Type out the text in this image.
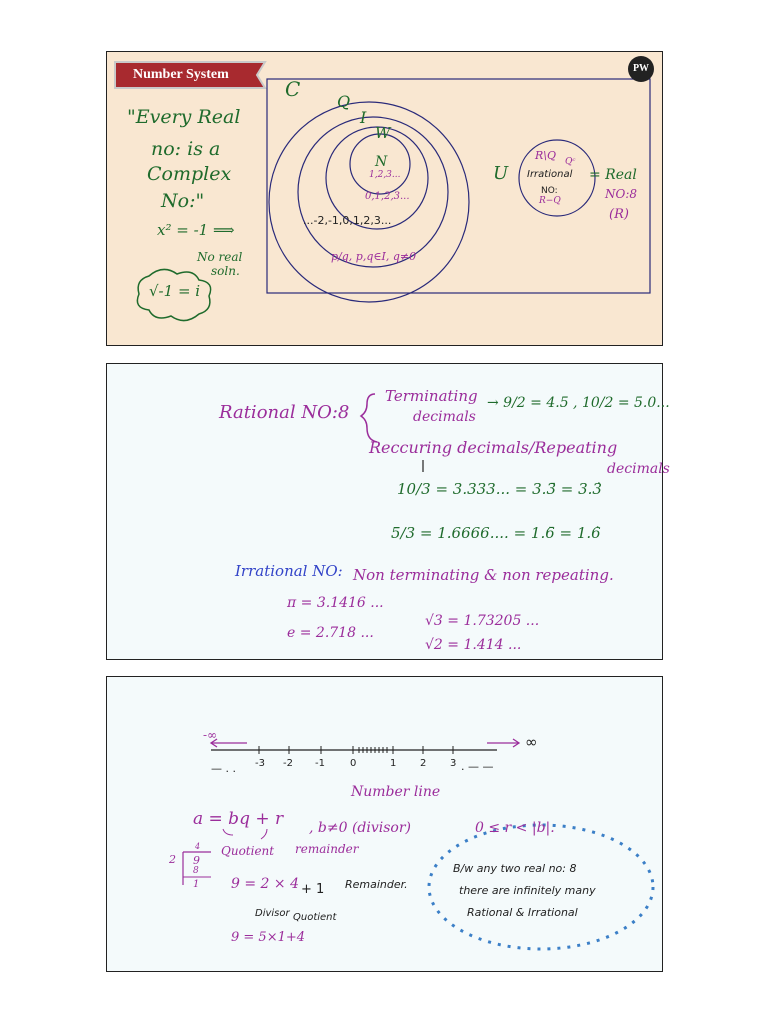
Number System	PW
"Every Real
no: is a
Complex
No:"
x² = -1 ⟹
No real
soln.
√-1 = i
C
Q
I
W
N
1,2,3...
0,1,2,3...
...-2,-1,0,1,2,3...
p/q, p,q∈I, q≠0
U
R\Q Qᶜ
Irrational
NO:
R−Q
= Real
NO:8
(R)
Rational NO:8
Terminating
decimals
→ 9/2 = 4.5 , 10/2 = 5.0...
Reccuring decimals/Repeating
decimals
10/3 = 3.333... = 3.3̄ = 3.3̇
5/3 = 1.6666.... = 1.6̄ = 1.6̇
Irrational NO: Non terminating & non repeating.
π = 3.1416 ...
e = 2.718 ...
√3 = 1.73205 ...
√2 = 1.414 ...
-∞	∞
— . . -3 -2 -1	0	1 2 3 . — —
Number line
a = bq + r , b≠0 (divisor)	0 ≤ r < |b|.
Quotient remainder
2
4
9
8
1 9 = 2 × 4 + 1 Remainder.
Divisor Quotient
9 = 5×1+4
B/w any two real no: 8
there are infinitely many
Rational & Irrational
